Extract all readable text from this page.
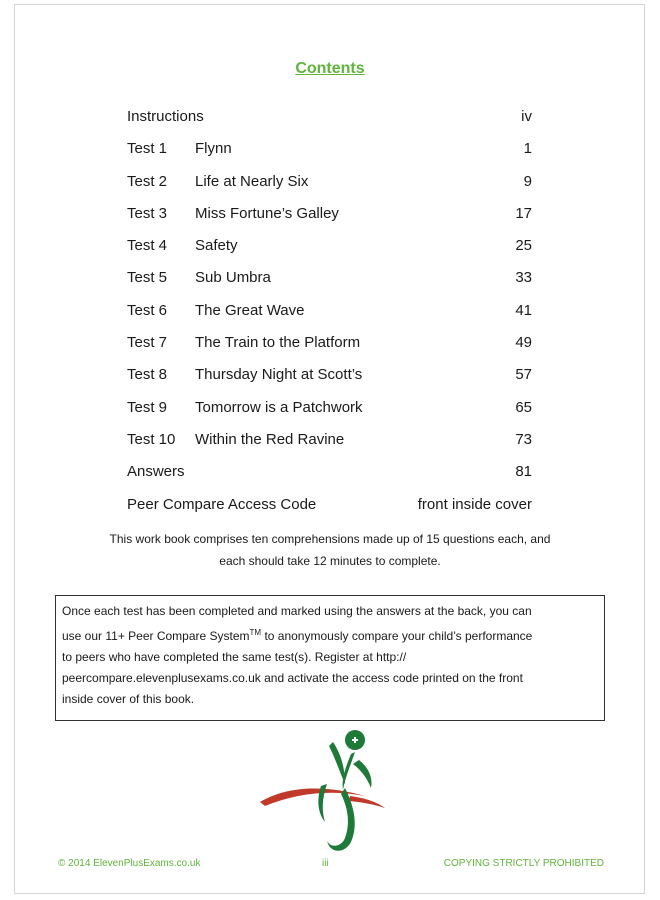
Contents
Instructions	iv
Test 1 Flynn	1
Test 2 Life at Nearly Six	9
Test 3 Miss Fortune’s Galley	17
Test 4 Safety	25
Test 5 Sub Umbra	33
Test 6 The Great Wave	41
Test 7 The Train to the Platform	49
Test 8 Thursday Night at Scott’s	57
Test 9 Tomorrow is a Patchwork	65
Test 10 Within the Red Ravine	73
Answers	81
Peer Compare Access Code	front inside cover
This work book comprises ten comprehensions made up of 15 questions each, and
each should take 12 minutes to complete.
Once each test has been completed and marked using the answers at the back, you can
use our 11+ Peer Compare System™ to anonymously compare your child’s performance
to peers who have completed the same test(s). Register at http://
peercompare.elevenplusexams.co.uk and activate the access code printed on the front
inside cover of this book.
© 2014 ElevenPlusExams.co.uk	iii	COPYING STRICTLY PROHIBITED
